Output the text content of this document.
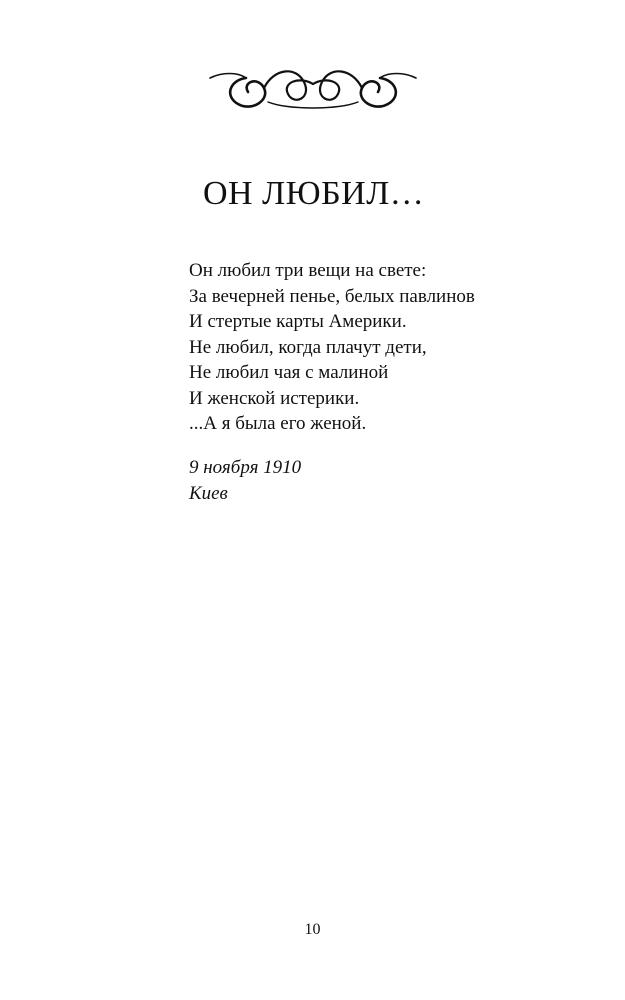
ОН ЛЮБИЛ…
Он любил три вещи на свете:
За вечерней пенье, белых павлинов
И стертые карты Америки.
Не любил, когда плачут дети,
Не любил чая с малиной
И женской истерики.
...А я была его женой.
9 ноября 1910
Киев
10
